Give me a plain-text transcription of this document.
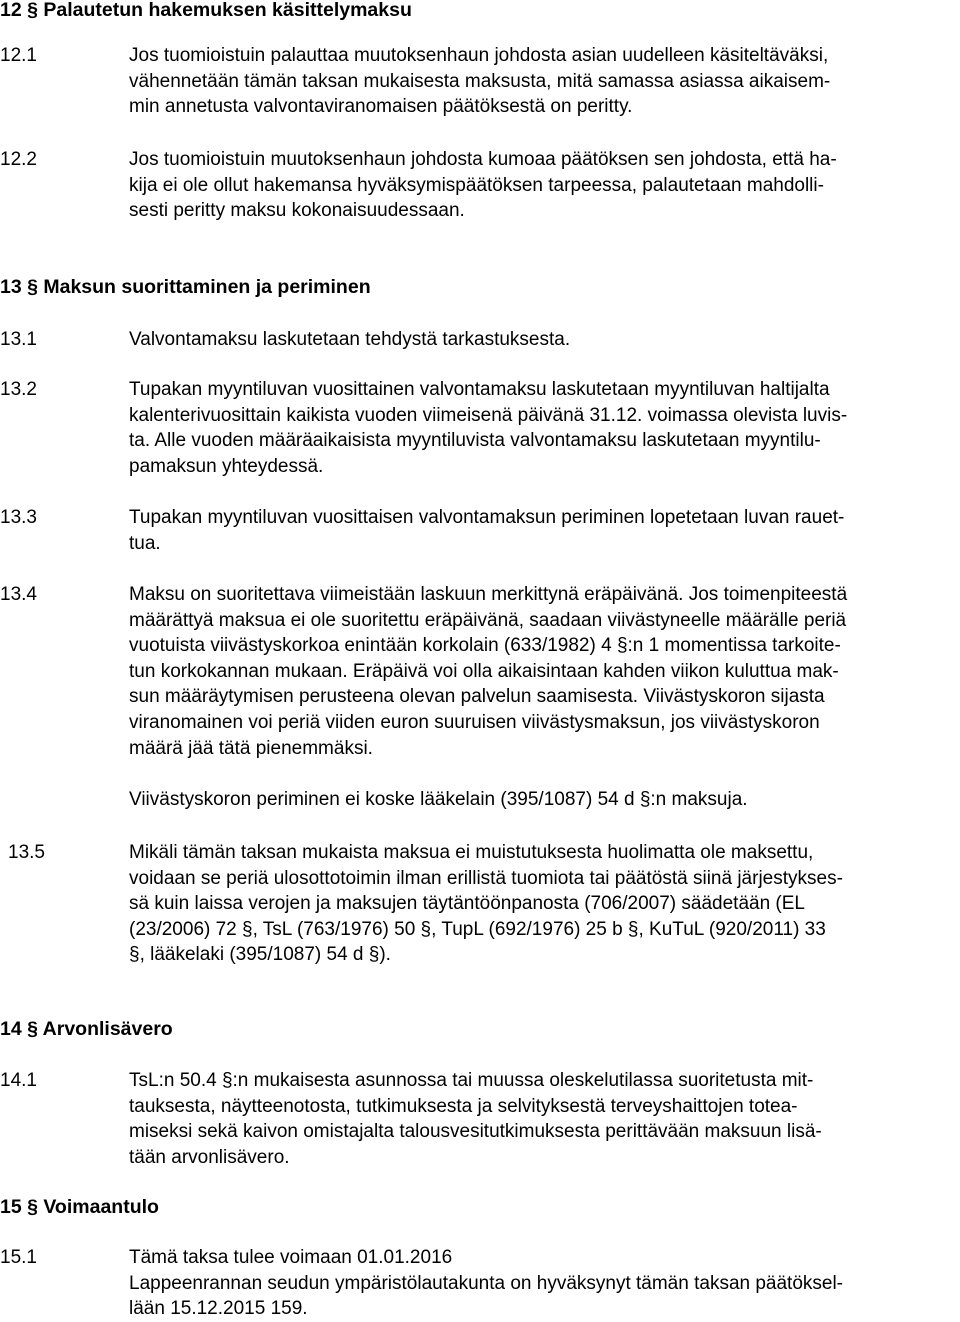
12 § Palautetun hakemuksen käsittelymaksu
12.1	Jos tuomioistuin palauttaa muutoksenhaun johdosta asian uudelleen käsiteltäväksi,
vähennetään tämän taksan mukaisesta maksusta, mitä samassa asiassa aikaisem-
min annetusta valvontaviranomaisen päätöksestä on peritty.

12.2	Jos tuomioistuin muutoksenhaun johdosta kumoaa päätöksen sen johdosta, että ha-
kija ei ole ollut hakemansa hyväksymispäätöksen tarpeessa, palautetaan mahdolli-
sesti peritty maksu kokonaisuudessaan.

13 § Maksun suorittaminen ja periminen
13.1	Valvontamaksu laskutetaan tehdystä tarkastuksesta.

13.2	Tupakan myyntiluvan vuosittainen valvontamaksu laskutetaan myyntiluvan haltijalta
kalenterivuosittain kaikista vuoden viimeisenä päivänä 31.12. voimassa olevista luvis-
ta. Alle vuoden määräaikaisista myyntiluvista valvontamaksu laskutetaan myyntilu-
pamaksun yhteydessä.

13.3	Tupakan myyntiluvan vuosittaisen valvontamaksun periminen lopetetaan luvan rauet-
tua.

13.4	Maksu on suoritettava viimeistään laskuun merkittynä eräpäivänä. Jos toimenpiteestä
määrättyä maksua ei ole suoritettu eräpäivänä, saadaan viivästyneelle määrälle periä
vuotuista viivästyskorkoa enintään korkolain (633/1982) 4 §:n 1 momentissa tarkoite-
tun korkokannan mukaan. Eräpäivä voi olla aikaisintaan kahden viikon kuluttua mak-
sun määräytymisen perusteena olevan palvelun saamisesta. Viivästyskoron sijasta
viranomainen voi periä viiden euron suuruisen viivästysmaksun, jos viivästyskoron
määrä jää tätä pienemmäksi.

Viivästyskoron periminen ei koske lääkelain (395/1087) 54 d §:n maksuja.

13.5	Mikäli tämän taksan mukaista maksua ei muistutuksesta huolimatta ole maksettu,
voidaan se periä ulosottotoimin ilman erillistä tuomiota tai päätöstä siinä järjestykses-
sä kuin laissa verojen ja maksujen täytäntöönpanosta (706/2007) säädetään (EL
(23/2006) 72 §, TsL (763/1976) 50 §, TupL (692/1976) 25 b §, KuTuL (920/2011) 33
§, lääkelaki (395/1087) 54 d §).

14 § Arvonlisävero
14.1	TsL:n 50.4 §:n mukaisesta asunnossa tai muussa oleskelutilassa suoritetusta mit-
tauksesta, näytteenotosta, tutkimuksesta ja selvityksestä terveyshaittojen totea-
miseksi sekä kaivon omistajalta talousvesitutkimuksesta perittävään maksuun lisä-
tään arvonlisävero.

15 § Voimaantulo
15.1	Tämä taksa tulee voimaan 01.01.2016
Lappeenrannan seudun ympäristölautakunta on hyväksynyt tämän taksan päätöksel-
lään 15.12.2015 159.
